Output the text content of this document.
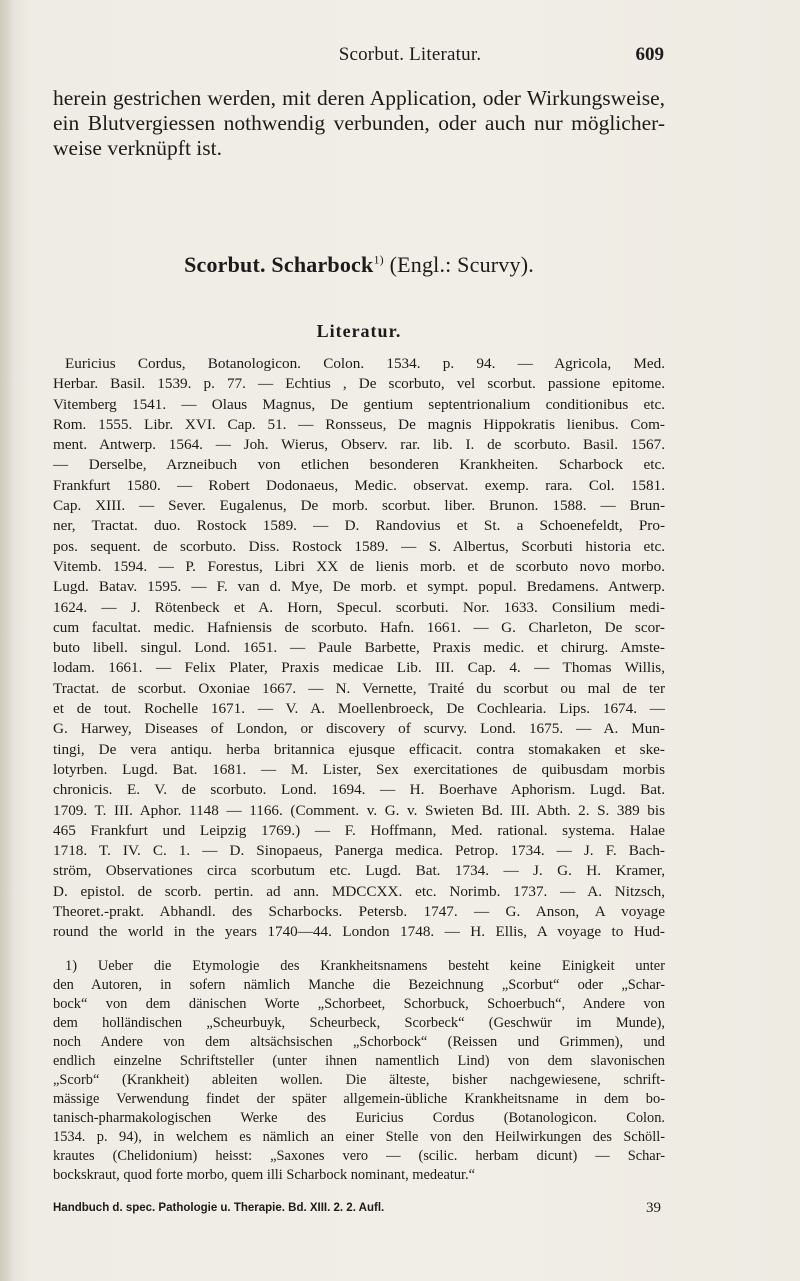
Scorbut. Literatur.	609

herein gestrichen werden, mit deren Application, oder Wirkungsweise,
ein Blutvergiessen nothwendig verbunden, oder auch nur möglicher-
weise verknüpft ist.

Scorbut. Scharbock$^{1)}$ (Engl.: Scurvy).
Literatur.
Euricius Cordus, Botanologicon. Colon. 1534. p. 94. — Agricola, Med.
Herbar. Basil. 1539. p. 77. — Echtius , De scorbuto, vel scorbut. passione epitome.
Vitemberg 1541. — Olaus Magnus, De gentium septentrionalium conditionibus etc.
Rom. 1555. Libr. XVI. Cap. 51. — Ronsseus, De magnis Hippokratis lienibus. Com-
ment. Antwerp. 1564. — Joh. Wierus, Observ. rar. lib. I. de scorbuto. Basil. 1567.
— Derselbe, Arzneibuch von etlichen besonderen Krankheiten. Scharbock etc.
Frankfurt 1580. — Robert Dodonaeus, Medic. observat. exemp. rara. Col. 1581.
Cap. XIII. — Sever. Eugalenus, De morb. scorbut. liber. Brunon. 1588. — Brun-
ner, Tractat. duo. Rostock 1589. — D. Randovius et St. a Schoenefeldt, Pro-
pos. sequent. de scorbuto. Diss. Rostock 1589. — S. Albertus, Scorbuti historia etc.
Vitemb. 1594. — P. Forestus, Libri XX de lienis morb. et de scorbuto novo morbo.
Lugd. Batav. 1595. — F. van d. Mye, De morb. et sympt. popul. Bredamens. Antwerp.
1624. — J. Rötenbeck et A. Horn, Specul. scorbuti. Nor. 1633. Consilium medi-
cum facultat. medic. Hafniensis de scorbuto. Hafn. 1661. — G. Charleton, De scor-
buto libell. singul. Lond. 1651. — Paule Barbette, Praxis medic. et chirurg. Amste-
lodam. 1661. — Felix Plater, Praxis medicae Lib. III. Cap. 4. — Thomas Willis,
Tractat. de scorbut. Oxoniae 1667. — N. Vernette, Traité du scorbut ou mal de ter
et de tout. Rochelle 1671. — V. A. Moellenbroeck, De Cochlearia. Lips. 1674. —
G. Harwey, Diseases of London, or discovery of scurvy. Lond. 1675. — A. Mun-
tingi, De vera antiqu. herba britannica ejusque efficacit. contra stomakaken et ske-
lotyrben. Lugd. Bat. 1681. — M. Lister, Sex exercitationes de quibusdam morbis
chronicis. E. V. de scorbuto. Lond. 1694. — H. Boerhave Aphorism. Lugd. Bat.
1709. T. III. Aphor. 1148 — 1166. (Comment. v. G. v. Swieten Bd. III. Abth. 2. S. 389 bis
465 Frankfurt und Leipzig 1769.) — F. Hoffmann, Med. rational. systema. Halae
1718. T. IV. C. 1. — D. Sinopaeus, Panerga medica. Petrop. 1734. — J. F. Bach-
ström, Observationes circa scorbutum etc. Lugd. Bat. 1734. — J. G. H. Kramer,
D. epistol. de scorb. pertin. ad ann. MDCCXX. etc. Norimb. 1737. — A. Nitzsch,
Theoret.-prakt. Abhandl. des Scharbocks. Petersb. 1747. — G. Anson, A voyage
round the world in the years 1740—44. London 1748. — H. Ellis, A voyage to Hud-
1) Ueber die Etymologie des Krankheitsnamens besteht keine Einigkeit unter
den Autoren, in sofern nämlich Manche die Bezeichnung „Scorbut“ oder „Schar-
bock“ von dem dänischen Worte „Schorbeet, Schorbuck, Schoerbuch“, Andere von
dem holländischen „Scheurbuyk, Scheurbeck, Scorbeck“ (Geschwür im Munde),
noch Andere von dem altsächsischen „Schorbock“ (Reissen und Grimmen), und
endlich einzelne Schriftsteller (unter ihnen namentlich Lind) von dem slavonischen
„Scorb“ (Krankheit) ableiten wollen. Die älteste, bisher nachgewiesene, schrift-
mässige Verwendung findet der später allgemein-übliche Krankheitsname in dem bo-
tanisch-pharmakologischen Werke des Euricius Cordus (Botanologicon. Colon.
1534. p. 94), in welchem es nämlich an einer Stelle von den Heilwirkungen des Schöll-
krautes (Chelidonium) heisst: „Saxones vero — (scilic. herbam dicunt) — Schar-
bockskraut, quod forte morbo, quem illi Scharbock nominant, medeatur.“
Handbuch d. spec. Pathologie u. Therapie. Bd. XIII. 2. 2. Aufl.	39
